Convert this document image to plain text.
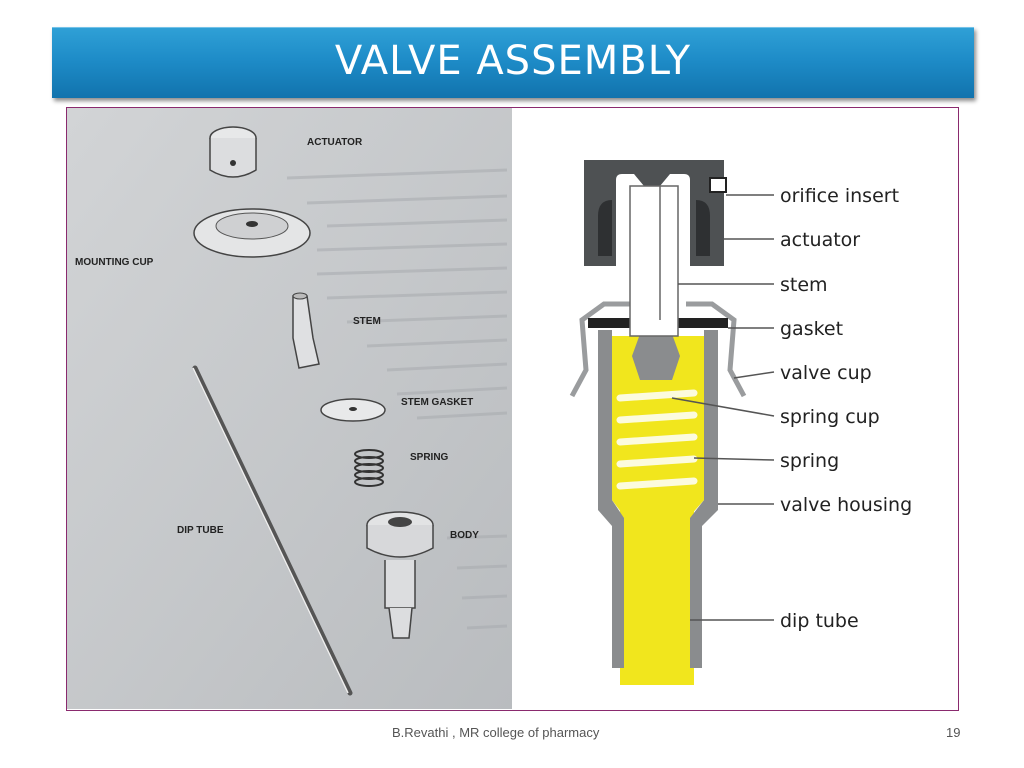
VALVE ASSEMBLY
ACTUATOR
MOUNTING CUP
STEM
STEM GASKET
SPRING
DIP TUBE	BODY
orifice insert
actuator
stem
gasket
valve cup
spring cup
spring
valve housing
dip tube
B.Revathi , MR college of pharmacy	19
